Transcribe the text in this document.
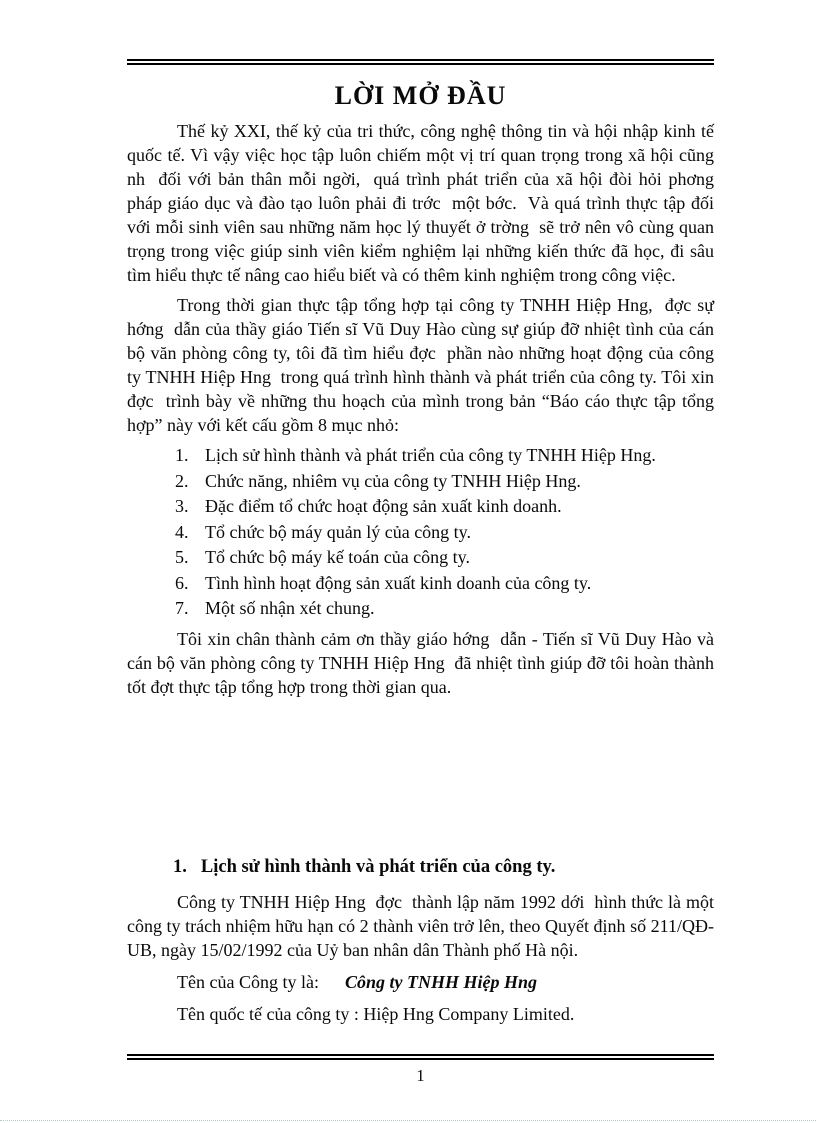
LỜI MỞ ĐẦU

Thế kỷ XXI, thế kỷ của tri thức, công nghệ thông tin và hội nhập kinh tế quốc tế. Vì vậy việc học tập luôn chiếm một vị trí quan trọng trong xã hội cũng nh  đối với bản thân mỗi ngời,  quá trình phát triển của xã hội đòi hỏi phơng  pháp giáo dục và đào tạo luôn phải đi trớc  một bớc.  Và quá trình thực tập đối với mỗi sinh viên sau những năm học lý thuyết ở trờng  sẽ trở nên vô cùng quan trọng trong việc giúp sinh viên kiểm nghiệm lại những kiến thức đã học, đi sâu tìm hiểu thực tế nâng cao hiểu biết và có thêm kinh nghiệm trong công việc.

Trong thời gian thực tập tổng hợp tại công ty TNHH Hiệp Hng,  đợc sự hớng  dẫn của thầy giáo Tiến sĩ Vũ Duy Hào cùng sự giúp đỡ nhiệt tình của cán bộ văn phòng công ty, tôi đã tìm hiểu đợc  phần nào những hoạt động của công ty TNHH Hiệp Hng  trong quá trình hình thành và phát triển của công ty. Tôi xin đợc  trình bày về những thu hoạch của mình trong bản “Báo cáo thực tập tổng hợp” này với kết cấu gồm 8 mục nhỏ:

1. Lịch sử hình thành và phát triển của công ty TNHH Hiệp Hng.
2. Chức năng, nhiêm vụ của công ty TNHH Hiệp Hng.
3. Đặc điểm tổ chức hoạt động sản xuất kinh doanh.
4. Tổ chức bộ máy quản lý của công ty.
5. Tổ chức bộ máy kế toán của công ty.
6. Tình hình hoạt động sản xuất kinh doanh của công ty.
7. Một số nhận xét chung.

Tôi xin chân thành cảm ơn thầy giáo hớng  dẫn - Tiến sĩ Vũ Duy Hào và cán bộ văn phòng công ty TNHH Hiệp Hng  đã nhiệt tình giúp đỡ tôi hoàn thành tốt đợt thực tập tổng hợp trong thời gian qua.

1. Lịch sử hình thành và phát triển của công ty.

Công ty TNHH Hiệp Hng  đợc  thành lập năm 1992 dới  hình thức là một công ty trách nhiệm hữu hạn có 2 thành viên trở lên, theo Quyết định số 211/QĐ-UB, ngày 15/02/1992 của Uỷ ban nhân dân Thành phố Hà nội.

Tên của Công ty là: Công ty TNHH Hiệp Hng

Tên quốc tế của công ty : Hiệp Hng Company Limited.

1
